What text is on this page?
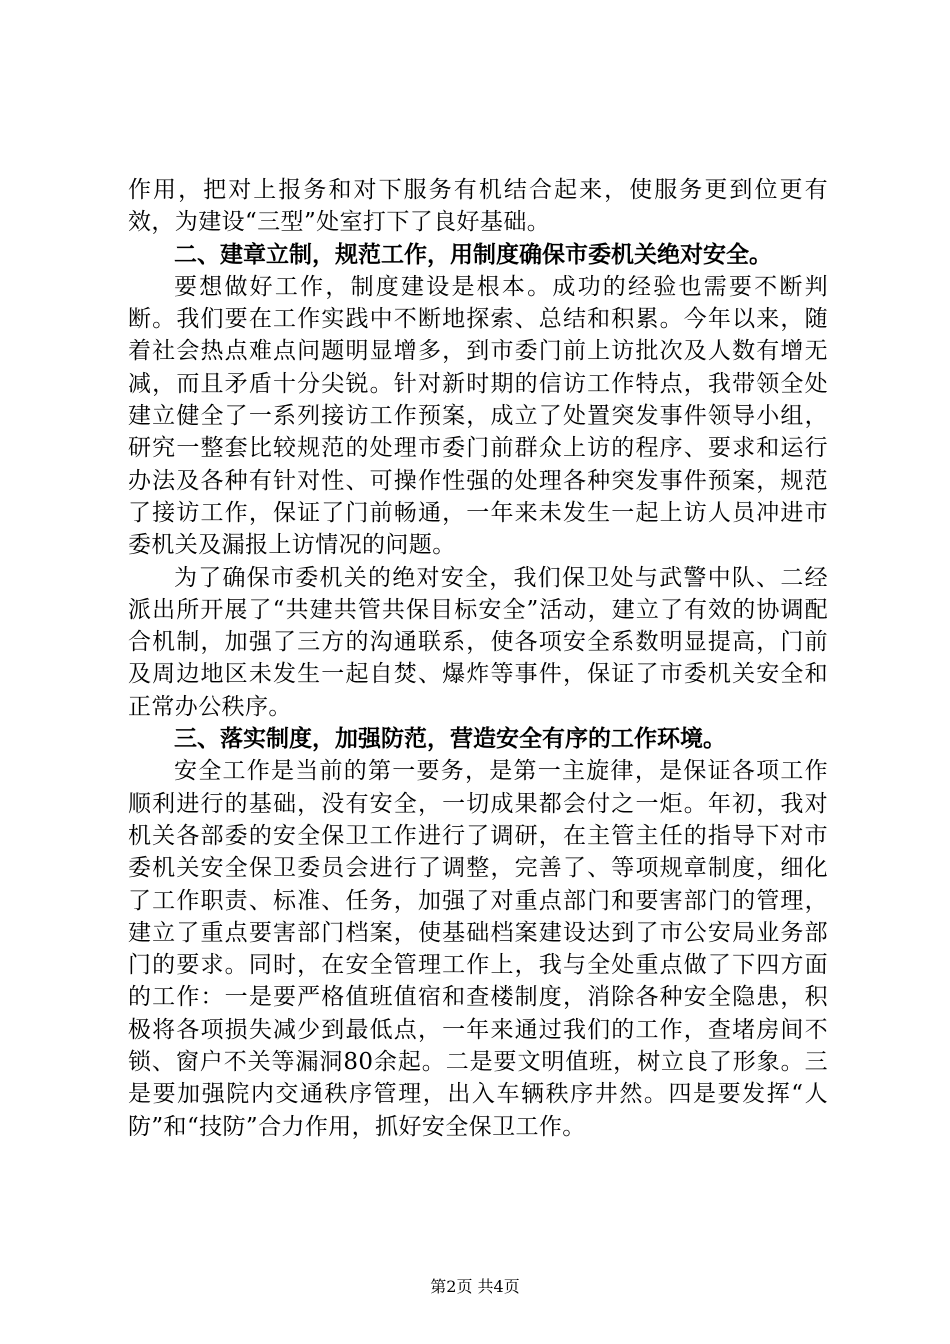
作用，把对上报务和对下服务有机结合起来，使服务更到位更有效，为建设“三型”处室打下了良好基础。

二、建章立制，规范工作，用制度确保市委机关绝对安全。

要想做好工作，制度建设是根本。成功的经验也需要不断判断。我们要在工作实践中不断地探索、总结和积累。今年以来，随着社会热点难点问题明显增多，到市委门前上访批次及人数有增无减，而且矛盾十分尖锐。针对新时期的信访工作特点，我带领全处建立健全了一系列接访工作预案，成立了处置突发事件领导小组，研究一整套比较规范的处理市委门前群众上访的程序、要求和运行办法及各种有针对性、可操作性强的处理各种突发事件预案，规范了接访工作，保证了门前畅通，一年来未发生一起上访人员冲进市委机关及漏报上访情况的问题。

为了确保市委机关的绝对安全，我们保卫处与武警中队、二经派出所开展了“共建共管共保目标安全”活动，建立了有效的协调配合机制，加强了三方的沟通联系，使各项安全系数明显提高，门前及周边地区未发生一起自焚、爆炸等事件，保证了市委机关安全和正常办公秩序。

三、落实制度，加强防范，营造安全有序的工作环境。

安全工作是当前的第一要务，是第一主旋律，是保证各项工作顺利进行的基础，没有安全，一切成果都会付之一炬。年初，我对机关各部委的安全保卫工作进行了调研，在主管主任的指导下对市委机关安全保卫委员会进行了调整，完善了、等项规章制度，细化了工作职责、标准、任务，加强了对重点部门和要害部门的管理，建立了重点要害部门档案，使基础档案建设达到了市公安局业务部门的要求。同时，在安全管理工作上，我与全处重点做了下四方面的工作：一是要严格值班值宿和查楼制度，消除各种安全隐患，积极将各项损失减少到最低点，一年来通过我们的工作，查堵房间不锁、窗户不关等漏洞80余起。二是要文明值班，树立良了形象。三是要加强院内交通秩序管理，出入车辆秩序井然。四是要发挥“人防”和“技防”合力作用，抓好安全保卫工作。

第2页 共4页
